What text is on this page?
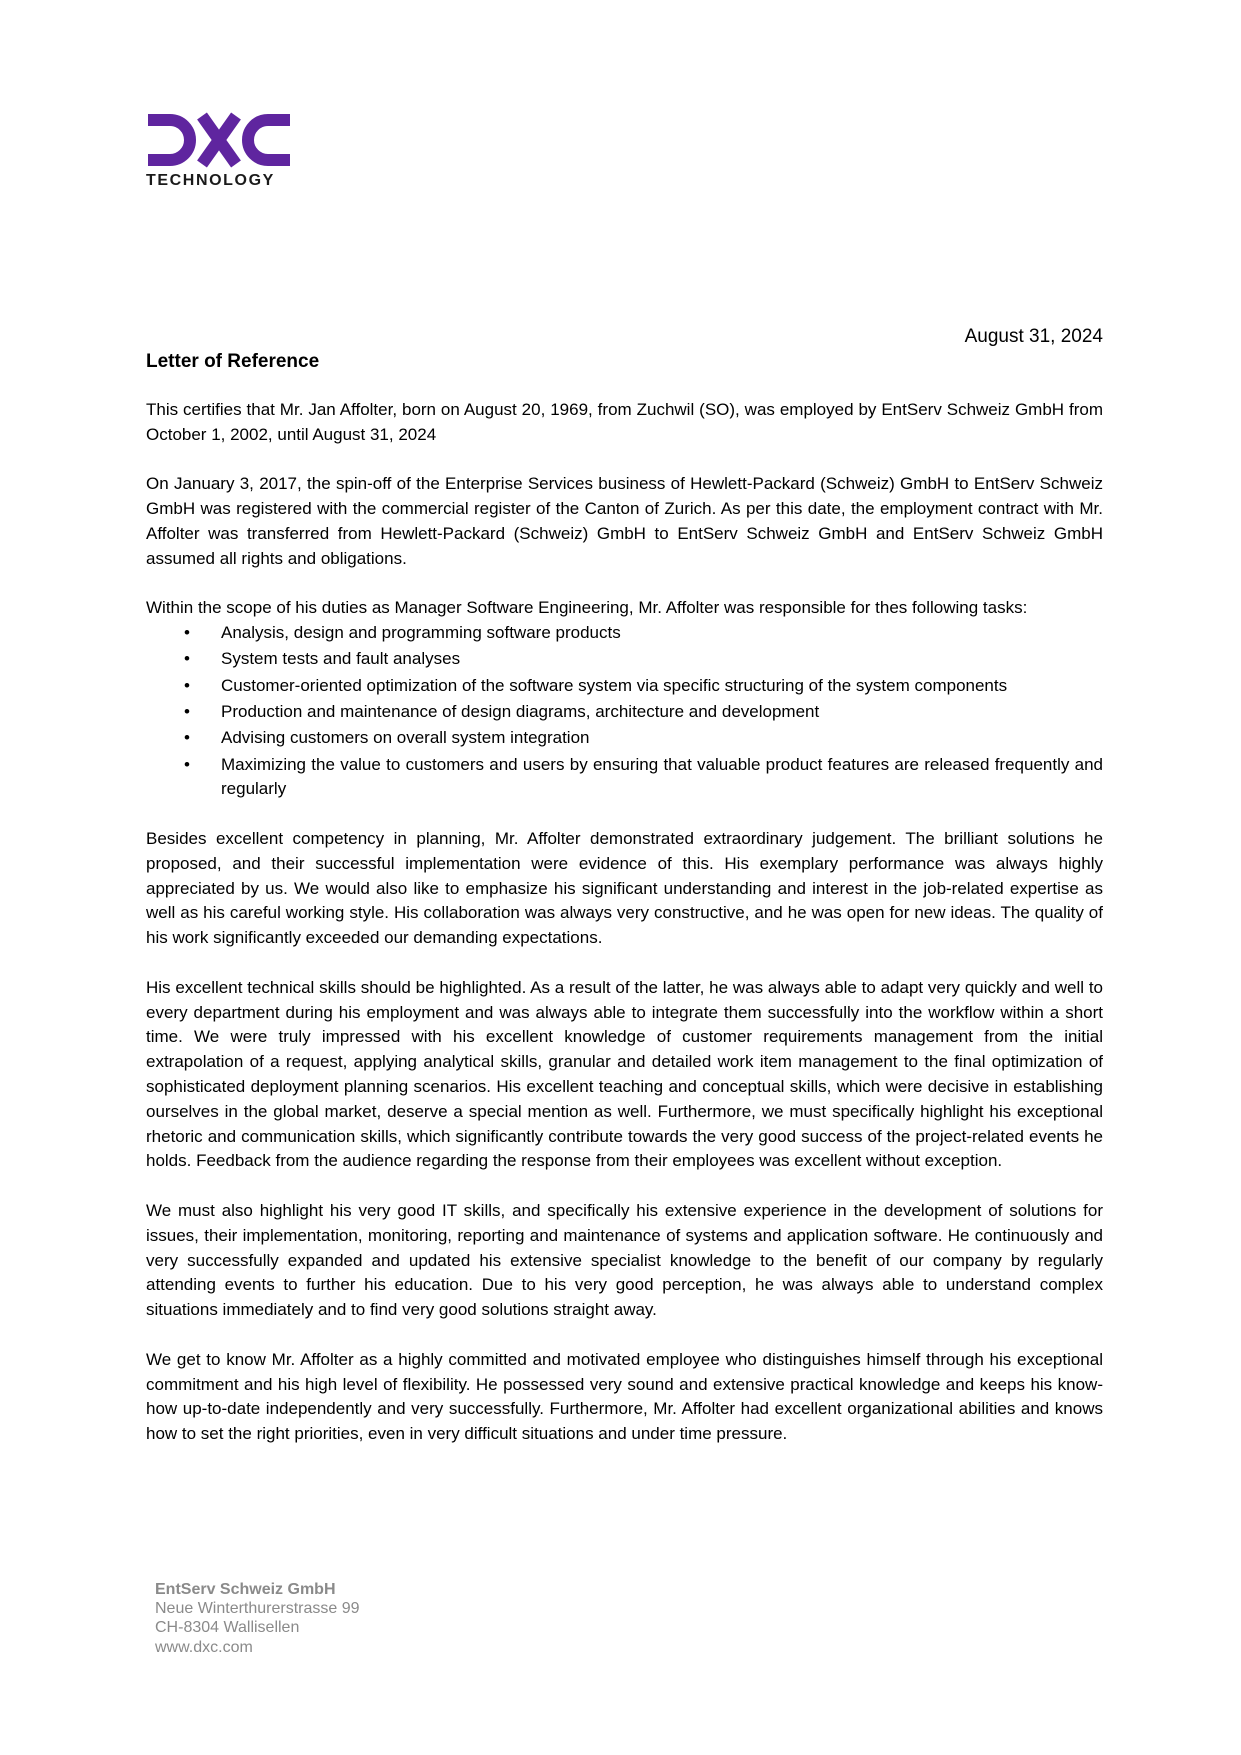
TECHNOLOGY
August 31, 2024
Letter of Reference

This certifies that Mr. Jan Affolter, born on August 20, 1969, from Zuchwil (SO), was employed by EntServ Schweiz GmbH from October 1, 2002, until August 31, 2024

On January 3, 2017, the spin-off of the Enterprise Services business of Hewlett-Packard (Schweiz) GmbH to EntServ Schweiz GmbH was registered with the commercial register of the Canton of Zurich. As per this date, the employment contract with Mr. Affolter was transferred from Hewlett-Packard (Schweiz) GmbH to EntServ Schweiz GmbH and EntServ Schweiz GmbH assumed all rights and obligations.

Within the scope of his duties as Manager Software Engineering, Mr. Affolter was responsible for thes following tasks:

• Analysis, design and programming software products
• System tests and fault analyses
• Customer-oriented optimization of the software system via specific structuring of the system components
• Production and maintenance of design diagrams, architecture and development
• Advising customers on overall system integration
• Maximizing the value to customers and users by ensuring that valuable product features are released frequently and regularly

Besides excellent competency in planning, Mr. Affolter demonstrated extraordinary judgement. The brilliant solutions he proposed, and their successful implementation were evidence of this. His exemplary performance was always highly appreciated by us. We would also like to emphasize his significant understanding and interest in the job-related expertise as well as his careful working style. His collaboration was always very constructive, and he was open for new ideas. The quality of his work significantly exceeded our demanding expectations.

His excellent technical skills should be highlighted. As a result of the latter, he was always able to adapt very quickly and well to every department during his employment and was always able to integrate them successfully into the workflow within a short time. We were truly impressed with his excellent knowledge of customer requirements management from the initial extrapolation of a request, applying analytical skills, granular and detailed work item management to the final optimization of sophisticated deployment planning scenarios. His excellent teaching and conceptual skills, which were decisive in establishing ourselves in the global market, deserve a special mention as well. Furthermore, we must specifically highlight his exceptional rhetoric and communication skills, which significantly contribute towards the very good success of the project-related events he holds. Feedback from the audience regarding the response from their employees was excellent without exception.

We must also highlight his very good IT skills, and specifically his extensive experience in the development of solutions for issues, their implementation, monitoring, reporting and maintenance of systems and application software. He continuously and very successfully expanded and updated his extensive specialist knowledge to the benefit of our company by regularly attending events to further his education. Due to his very good perception, he was always able to understand complex situations immediately and to find very good solutions straight away.

We get to know Mr. Affolter as a highly committed and motivated employee who distinguishes himself through his exceptional commitment and his high level of flexibility. He possessed very sound and extensive practical knowledge and keeps his know-how up-to-date independently and very successfully. Furthermore, Mr. Affolter had excellent organizational abilities and knows how to set the right priorities, even in very difficult situations and under time pressure.

EntServ Schweiz GmbH
Neue Winterthurerstrasse 99
CH-8304 Wallisellen
www.dxc.com
